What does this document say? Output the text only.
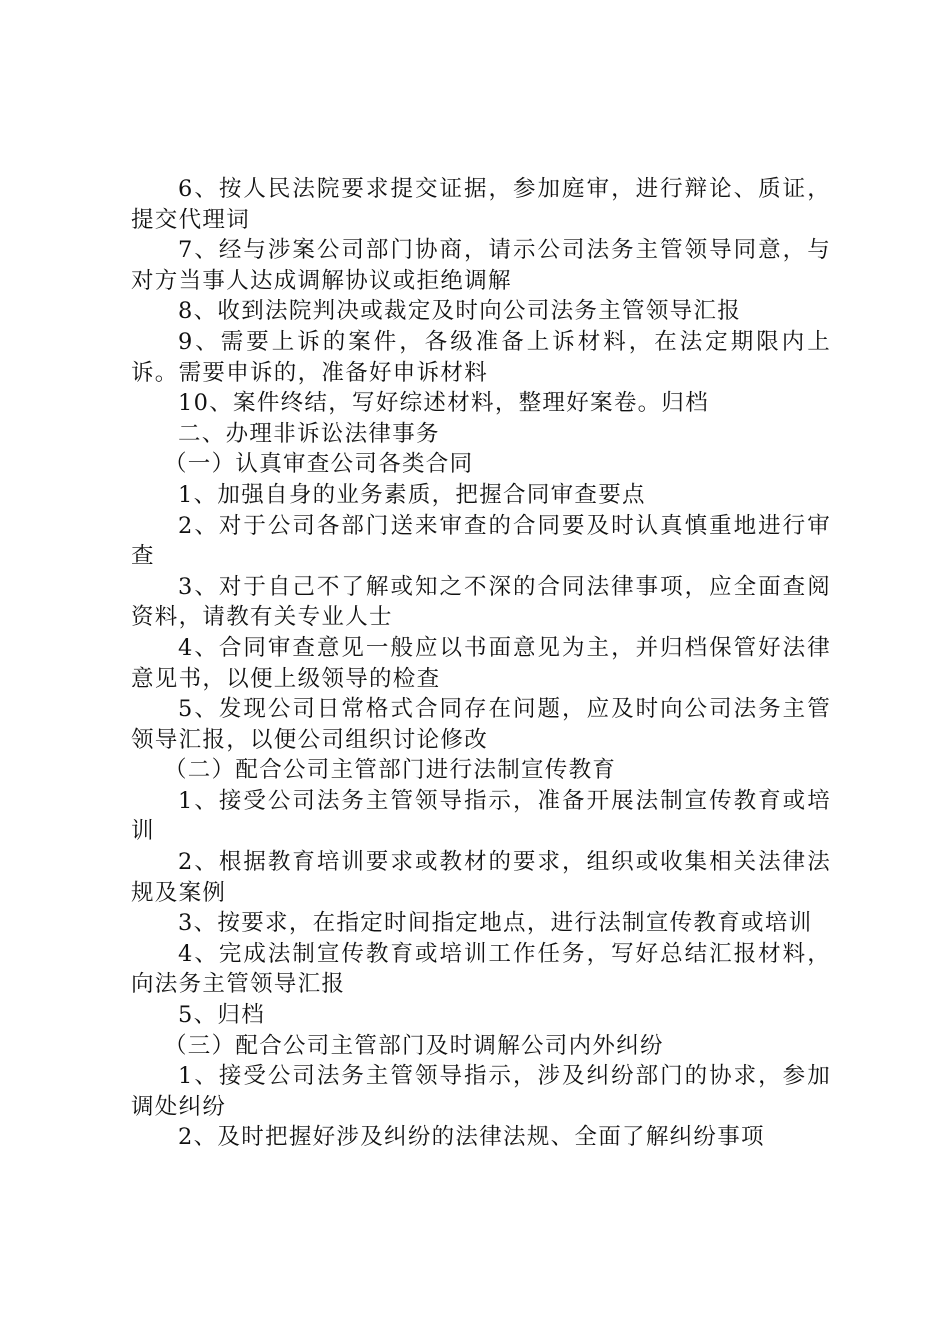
6、按人民法院要求提交证据，参加庭审，进行辩论、质证，提交代理词

7、经与涉案公司部门协商，请示公司法务主管领导同意，与对方当事人达成调解协议或拒绝调解

8、收到法院判决或裁定及时向公司法务主管领导汇报

9、需要上诉的案件，各级准备上诉材料，在法定期限内上诉。需要申诉的，准备好申诉材料

10、案件终结，写好综述材料，整理好案卷。归档

二、办理非诉讼法律事务

（一）认真审查公司各类合同

1、加强自身的业务素质，把握合同审查要点

2、对于公司各部门送来审查的合同要及时认真慎重地进行审查

3、对于自己不了解或知之不深的合同法律事项，应全面查阅资料，请教有关专业人士

4、合同审查意见一般应以书面意见为主，并归档保管好法律意见书，以便上级领导的检查

5、发现公司日常格式合同存在问题，应及时向公司法务主管领导汇报，以便公司组织讨论修改

（二）配合公司主管部门进行法制宣传教育

1、接受公司法务主管领导指示，准备开展法制宣传教育或培训

2、根据教育培训要求或教材的要求，组织或收集相关法律法规及案例

3、按要求，在指定时间指定地点，进行法制宣传教育或培训

4、完成法制宣传教育或培训工作任务，写好总结汇报材料，向法务主管领导汇报

5、归档

（三）配合公司主管部门及时调解公司内外纠纷

1、接受公司法务主管领导指示，涉及纠纷部门的协求，参加调处纠纷

2、及时把握好涉及纠纷的法律法规、全面了解纠纷事项
